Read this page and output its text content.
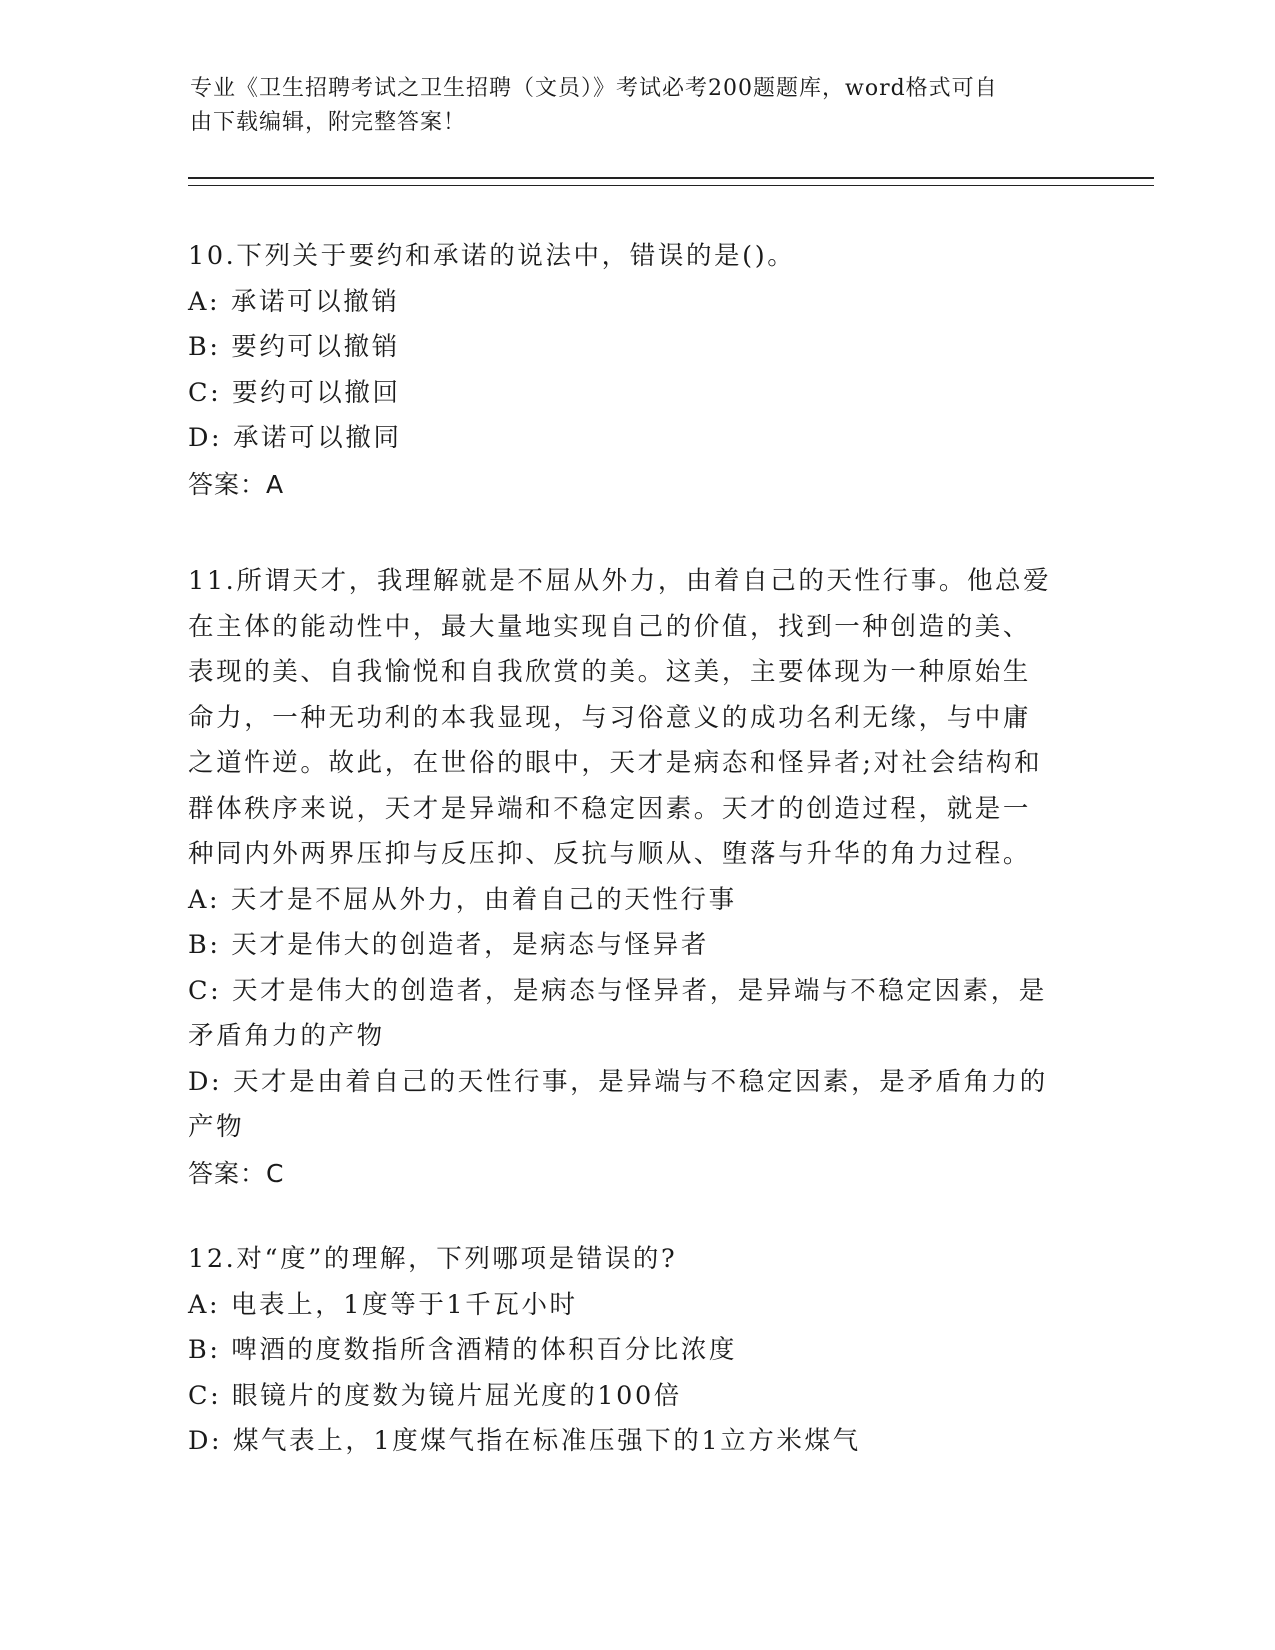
专业《卫生招聘考试之卫生招聘（文员）》考试必考200题题库，word格式可自
由下载编辑，附完整答案！

10.下列关于要约和承诺的说法中，错误的是()。

A: 承诺可以撤销

B: 要约可以撤销

C: 要约可以撤回

D: 承诺可以撤同

答案：A

11.所谓天才，我理解就是不屈从外力，由着自己的天性行事。他总爱

在主体的能动性中，最大量地实现自己的价值，找到一种创造的美、

表现的美、自我愉悦和自我欣赏的美。这美，主要体现为一种原始生

命力，一种无功利的本我显现，与习俗意义的成功名利无缘，与中庸

之道忤逆。故此，在世俗的眼中，天才是病态和怪异者;对社会结构和

群体秩序来说，天才是异端和不稳定因素。天才的创造过程，就是一

种同内外两界压抑与反压抑、反抗与顺从、堕落与升华的角力过程。

A: 天才是不屈从外力，由着自己的天性行事

B: 天才是伟大的创造者，是病态与怪异者

C: 天才是伟大的创造者，是病态与怪异者，是异端与不稳定因素，是

矛盾角力的产物

D: 天才是由着自己的天性行事，是异端与不稳定因素，是矛盾角力的

产物

答案：C

12.对“度”的理解，下列哪项是错误的?

A: 电表上，1度等于1千瓦小时

B: 啤酒的度数指所含酒精的体积百分比浓度

C: 眼镜片的度数为镜片屈光度的100倍

D: 煤气表上，1度煤气指在标准压强下的1立方米煤气
